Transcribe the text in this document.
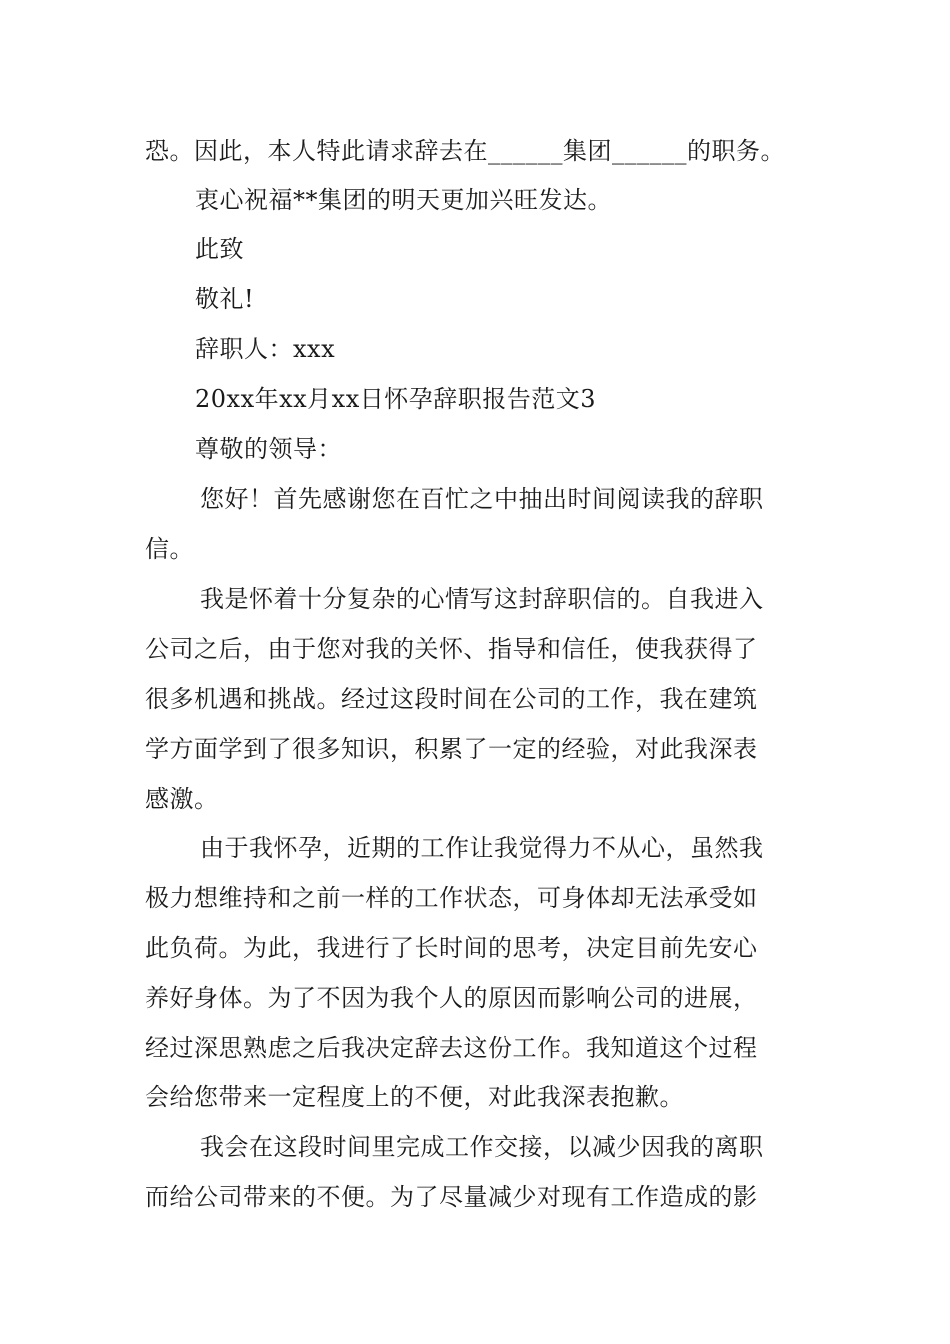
恐。因此，本人特此请求辞去在______集团______的职务。
衷心祝福**集团的明天更加兴旺发达。
此致
敬礼!
辞职人：xxx
20xx年xx月xx日怀孕辞职报告范文3
尊敬的领导：
您好！首先感谢您在百忙之中抽出时间阅读我的辞职
信。
我是怀着十分复杂的心情写这封辞职信的。自我进入
公司之后，由于您对我的关怀、指导和信任，使我获得了
很多机遇和挑战。经过这段时间在公司的工作，我在建筑
学方面学到了很多知识，积累了一定的经验，对此我深表
感激。
由于我怀孕，近期的工作让我觉得力不从心，虽然我
极力想维持和之前一样的工作状态，可身体却无法承受如
此负荷。为此，我进行了长时间的思考，决定目前先安心
养好身体。为了不因为我个人的原因而影响公司的进展，
经过深思熟虑之后我决定辞去这份工作。我知道这个过程
会给您带来一定程度上的不便，对此我深表抱歉。
我会在这段时间里完成工作交接，以减少因我的离职
而给公司带来的不便。为了尽量减少对现有工作造成的影
